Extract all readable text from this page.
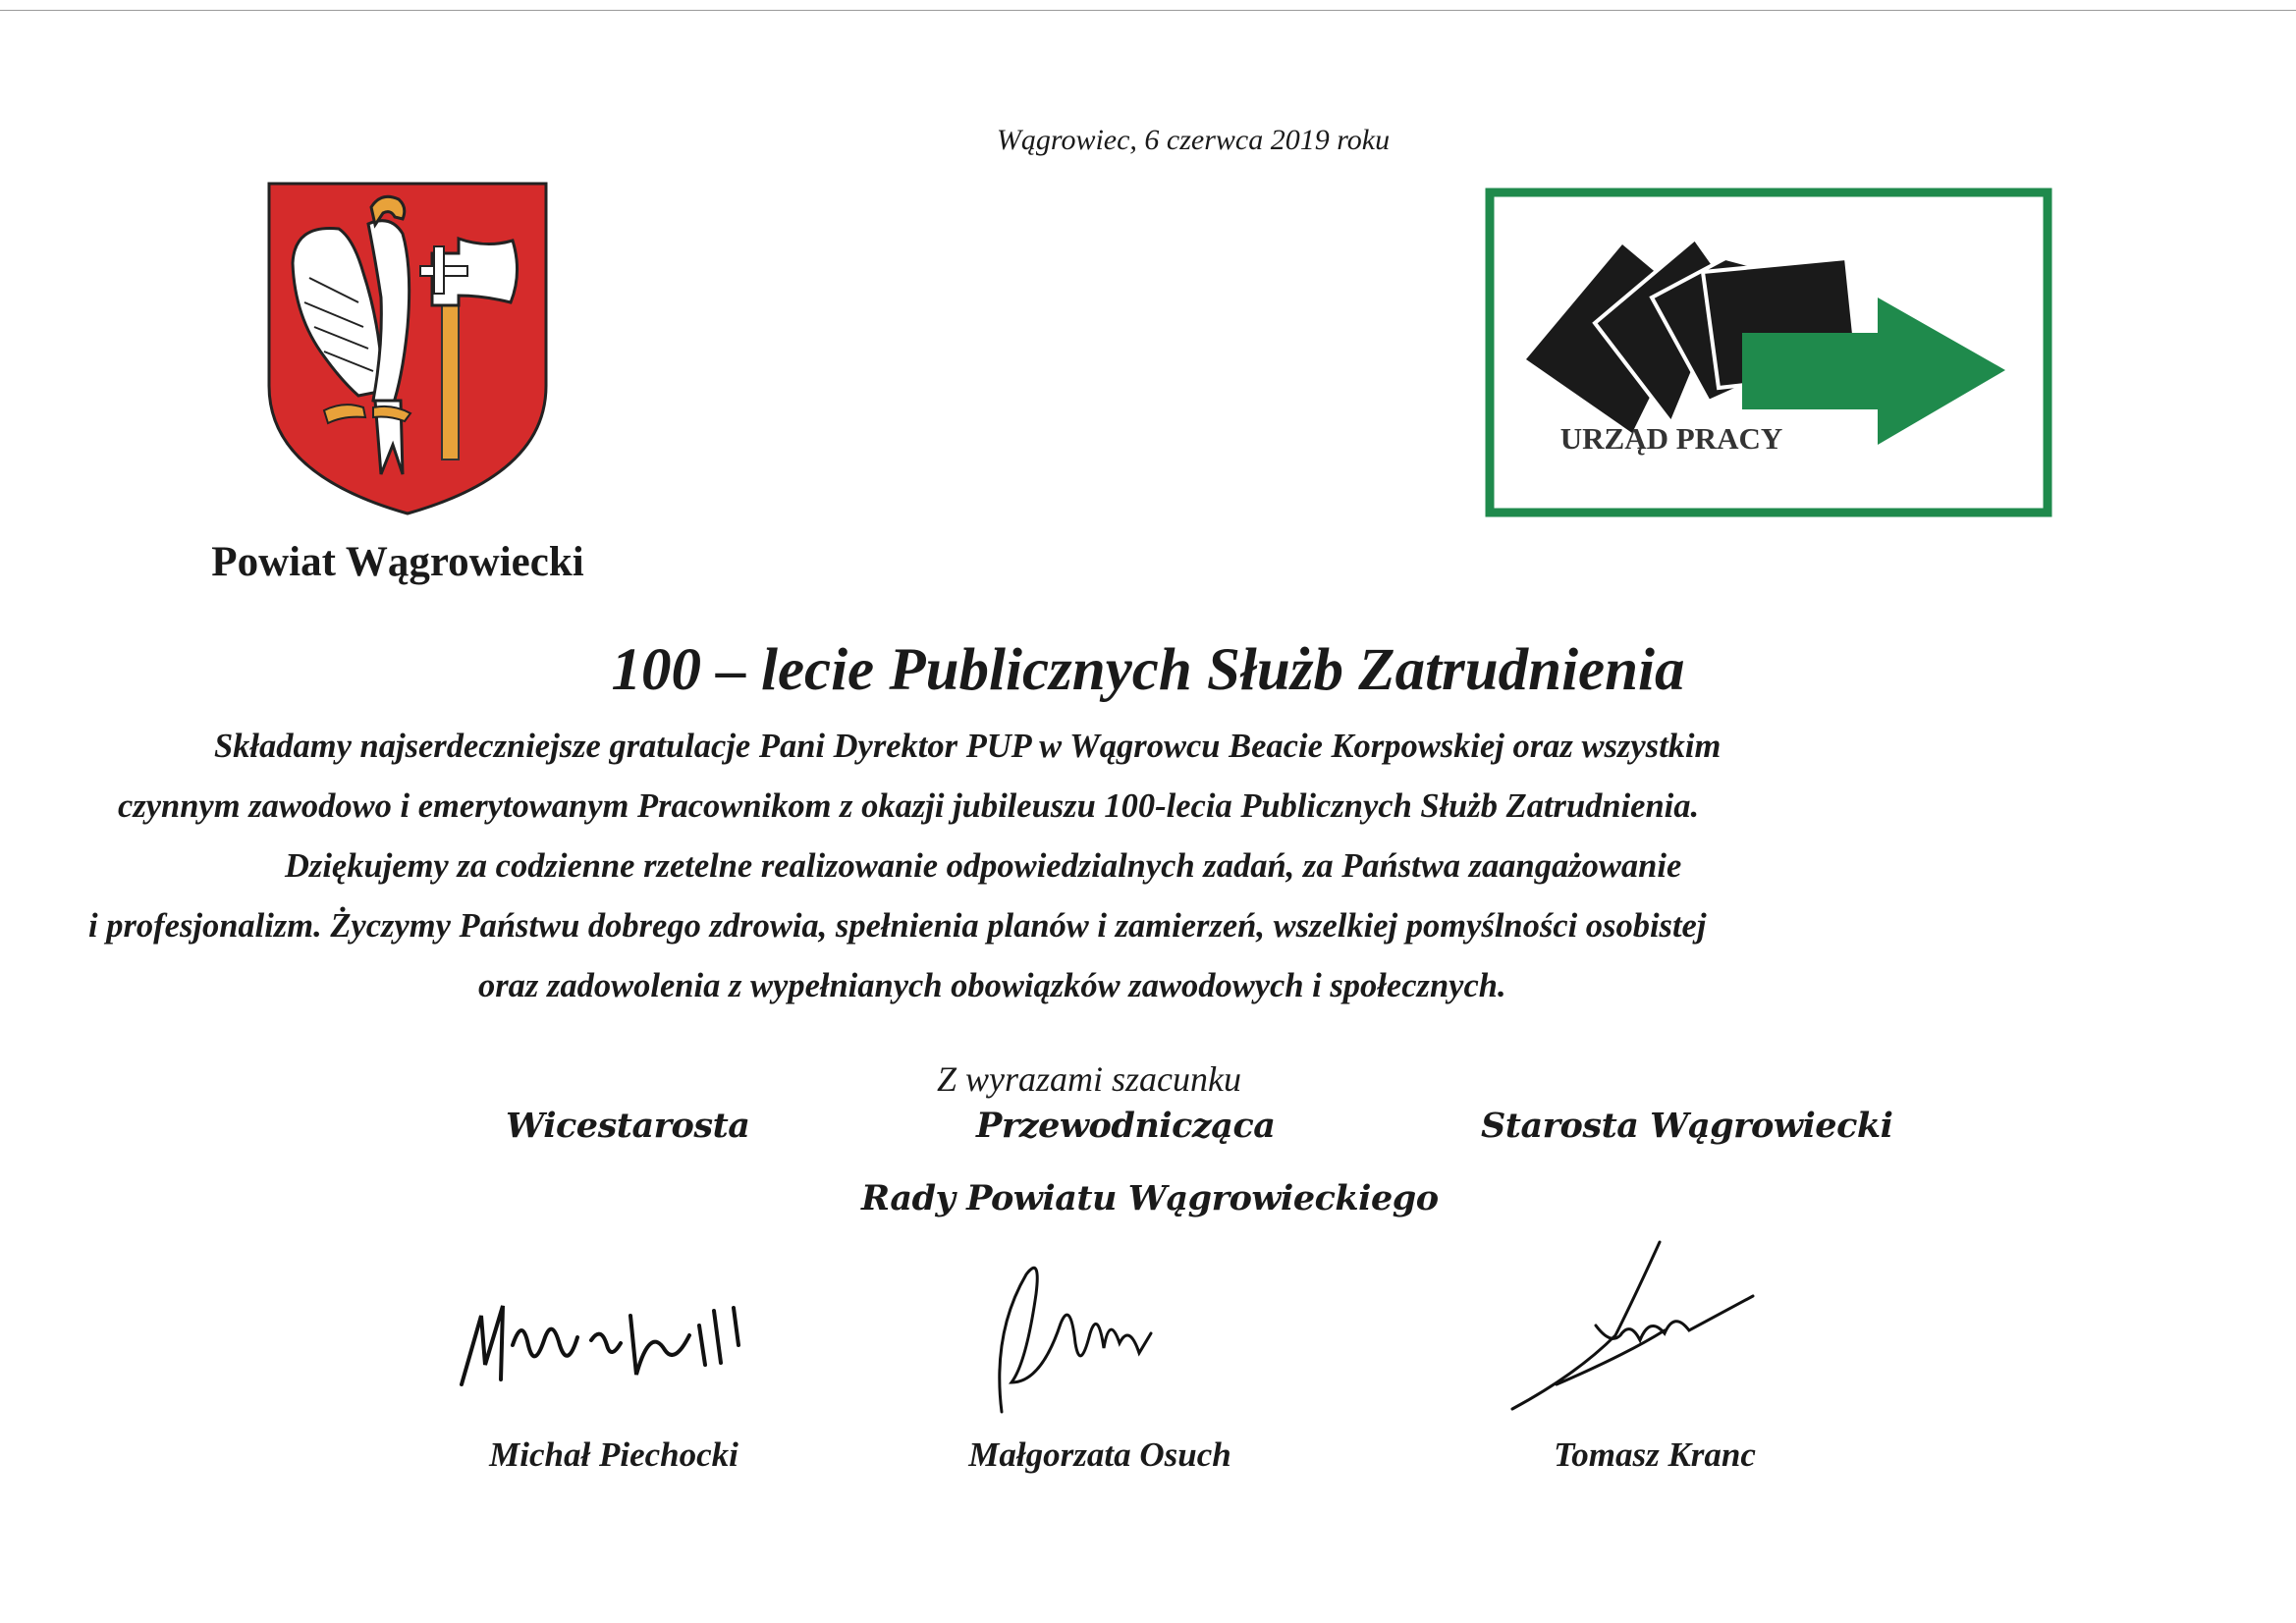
Wągrowiec, 6 czerwca 2019 roku
Powiat Wągrowiecki
URZĄD PRACY
100 – lecie Publicznych Służb Zatrudnienia
Składamy najserdeczniejsze gratulacje Pani Dyrektor PUP w Wągrowcu Beacie Korpowskiej oraz wszystkim
czynnym zawodowo i emerytowanym Pracownikom z okazji jubileuszu 100-lecia Publicznych Służb Zatrudnienia.
Dziękujemy za codzienne rzetelne realizowanie odpowiedzialnych zadań, za Państwa zaangażowanie
i profesjonalizm. Życzymy Państwu dobrego zdrowia, spełnienia planów i zamierzeń, wszelkiej pomyślności osobistej
oraz zadowolenia z wypełnianych obowiązków zawodowych i społecznych.
Z wyrazami szacunku
Wicestarosta	Przewodnicząca
Rady Powiatu Wągrowieckiego
Starosta Wągrowiecki
Michał Piechocki	Małgorzata Osuch	Tomasz Kranc
